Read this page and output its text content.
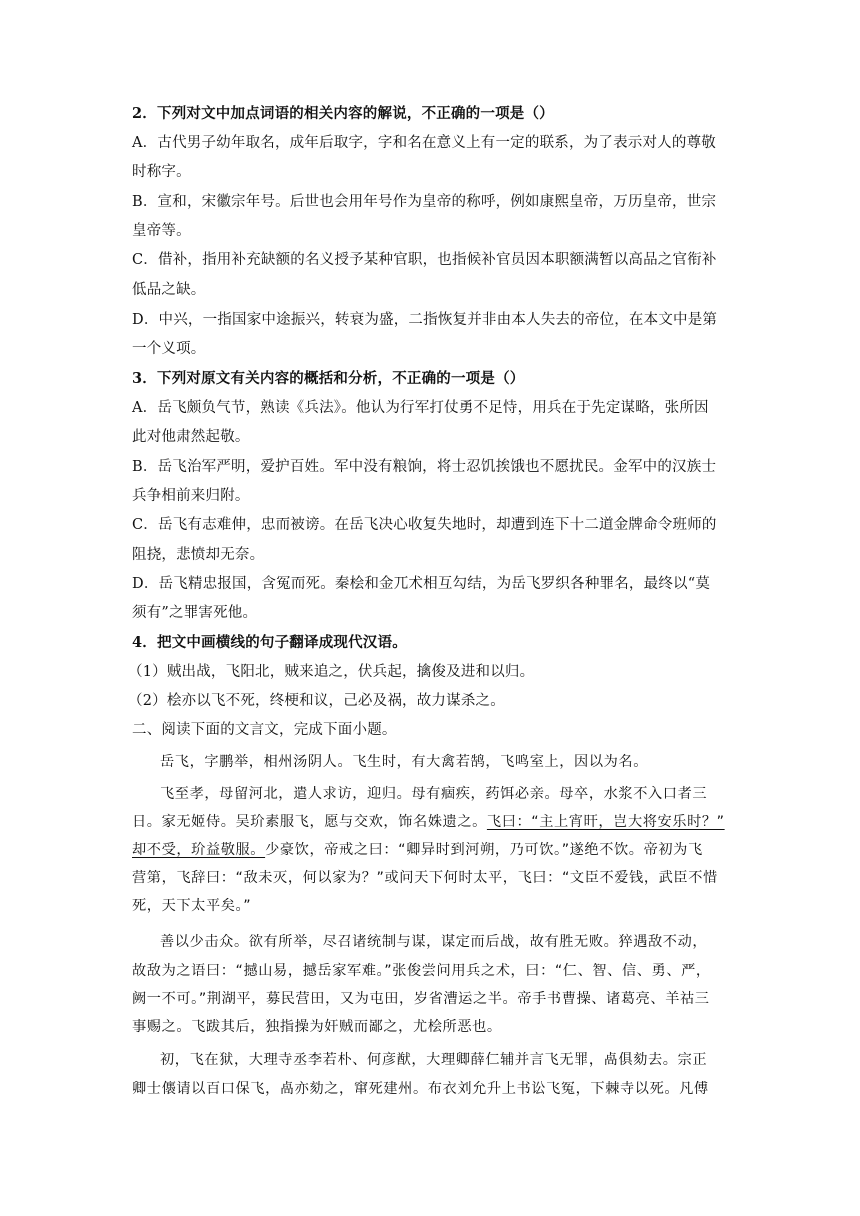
2．下列对文中加点词语的相关内容的解说，不正确的一项是（）
A．古代男子幼年取名，成年后取字，字和名在意义上有一定的联系，为了表示对人的尊敬
时称字。
B．宣和，宋徽宗年号。后世也会用年号作为皇帝的称呼，例如康熙皇帝，万历皇帝，世宗
皇帝等。
C．借补，指用补充缺额的名义授予某种官职，也指候补官员因本职额满暂以高品之官衔补
低品之缺。
D．中兴，一指国家中途振兴，转衰为盛，二指恢复并非由本人失去的帝位，在本文中是第
一个义项。
3．下列对原文有关内容的概括和分析，不正确的一项是（）
A．岳飞颇负气节，熟读《兵法》。他认为行军打仗勇不足恃，用兵在于先定谋略，张所因
此对他肃然起敬。
B．岳飞治军严明，爱护百姓。军中没有粮饷，将士忍饥挨饿也不愿扰民。金军中的汉族士
兵争相前来归附。
C．岳飞有志难伸，忠而被谤。在岳飞决心收复失地时，却遭到连下十二道金牌命令班师的
阻挠，悲愤却无奈。
D．岳飞精忠报国，含冤而死。秦桧和金兀术相互勾结，为岳飞罗织各种罪名，最终以“莫
须有”之罪害死他。
4．把文中画横线的句子翻译成现代汉语。
（1）贼出战，飞阳北，贼来追之，伏兵起，擒俊及进和以归。
（2）桧亦以飞不死，终梗和议，己必及祸，故力谋杀之。
二、阅读下面的文言文，完成下面小题。
岳飞，字鹏举，相州汤阴人。飞生时，有大禽若鹄，飞鸣室上，因以为名。
飞至孝，母留河北，遣人求访，迎归。母有痼疾，药饵必亲。母卒，水浆不入口者三
日。家无姬侍。吴玠素服飞，愿与交欢，饰名姝遗之。飞曰：“主上宵旰，岂大将安乐时？”
却不受，玠益敬服。少豪饮，帝戒之曰：“卿异时到河朔，乃可饮。”遂绝不饮。帝初为飞
营第，飞辞曰：“敌未灭，何以家为？”或问天下何时太平，飞曰：“文臣不爱钱，武臣不惜
死，天下太平矣。”
善以少击众。欲有所举，尽召诸统制与谋，谋定而后战，故有胜无败。猝遇敌不动，
故敌为之语曰：“撼山易，撼岳家军难。”张俊尝问用兵之术，曰：“仁、智、信、勇、严，
阙一不可。”荆湖平，募民营田，又为屯田，岁省漕运之半。帝手书曹操、诸葛亮、羊祜三
事赐之。飞跋其后，独指操为奸贼而鄙之，尤桧所恶也。
初，飞在狱，大理寺丞李若朴、何彦猷，大理卿薛仁辅并言飞无罪，卨俱劾去。宗正
卿士㒟请以百口保飞，卨亦劾之，窜死建州。布衣刘允升上书讼飞冤，下棘寺以死。凡傅
